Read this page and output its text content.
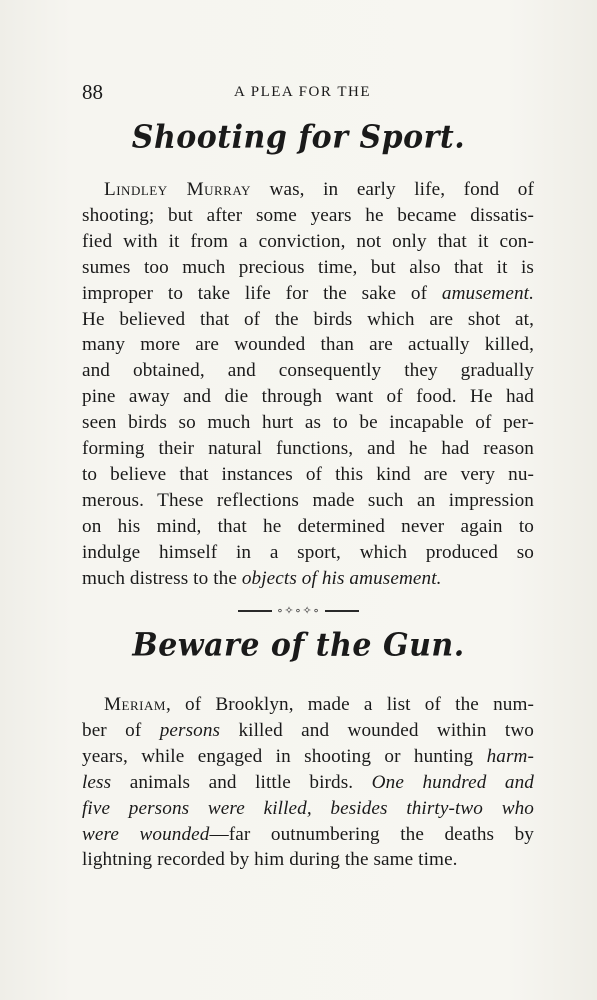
88	A PLEA FOR THE
Shooting for Sport.
Lindley Murray was, in early life, fond of
shooting; but after some years he became dissatis-
fied with it from a conviction, not only that it con-
sumes too much precious time, but also that it is
improper to take life for the sake of amusement.
He believed that of the birds which are shot at,
many more are wounded than are actually killed,
and obtained, and consequently they gradually
pine away and die through want of food. He had
seen birds so much hurt as to be incapable of per-
forming their natural functions, and he had reason
to believe that instances of this kind are very nu-
merous. These reflections made such an impression
on his mind, that he determined never again to
indulge himself in a sport, which produced so
much distress to the objects of his amusement.
∘✧∘✧∘
Beware of the Gun.
Meriam, of Brooklyn, made a list of the num-
ber of persons killed and wounded within two
years, while engaged in shooting or hunting harm-
less animals and little birds. One hundred and
five persons were killed, besides thirty-two who
were wounded—far outnumbering the deaths by
lightning recorded by him during the same time.
